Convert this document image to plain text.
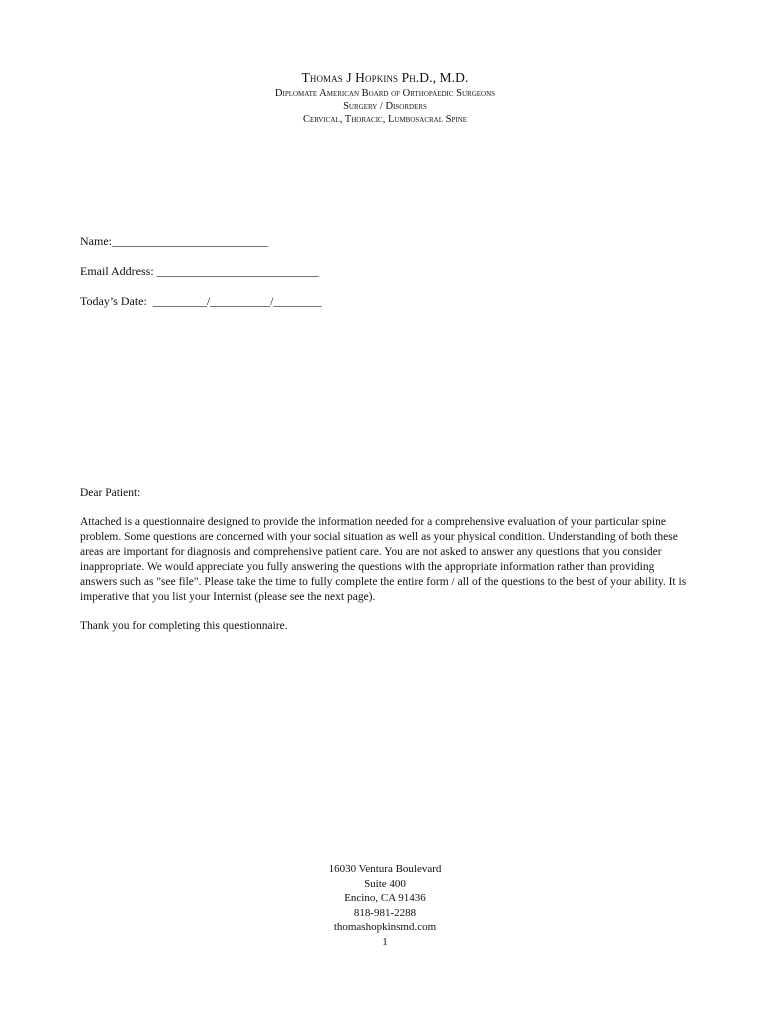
Thomas J Hopkins Ph.D., M.D.
Diplomate American Board of Orthopaedic Surgeons
Surgery / Disorders
Cervical, Thoracic, Lumbosacral Spine
Name:__________________________
Email Address: ___________________________
Today’s Date:  _________/__________/________

Dear Patient:

Attached is a questionnaire designed to provide the information needed for a comprehensive evaluation of your particular spine problem. Some questions are concerned with your social situation as well as your physical condition. Understanding of both these areas are important for diagnosis and comprehensive patient care. You are not asked to answer any questions that you consider inappropriate. We would appreciate you fully answering the questions with the appropriate information rather than providing answers such as "see file". Please take the time to fully complete the entire form / all of the questions to the best of your ability. It is imperative that you list your Internist (please see the next page).

Thank you for completing this questionnaire.

16030 Ventura Boulevard
Suite 400
Encino, CA 91436
818-981-2288
thomashopkinsmd.com
1
